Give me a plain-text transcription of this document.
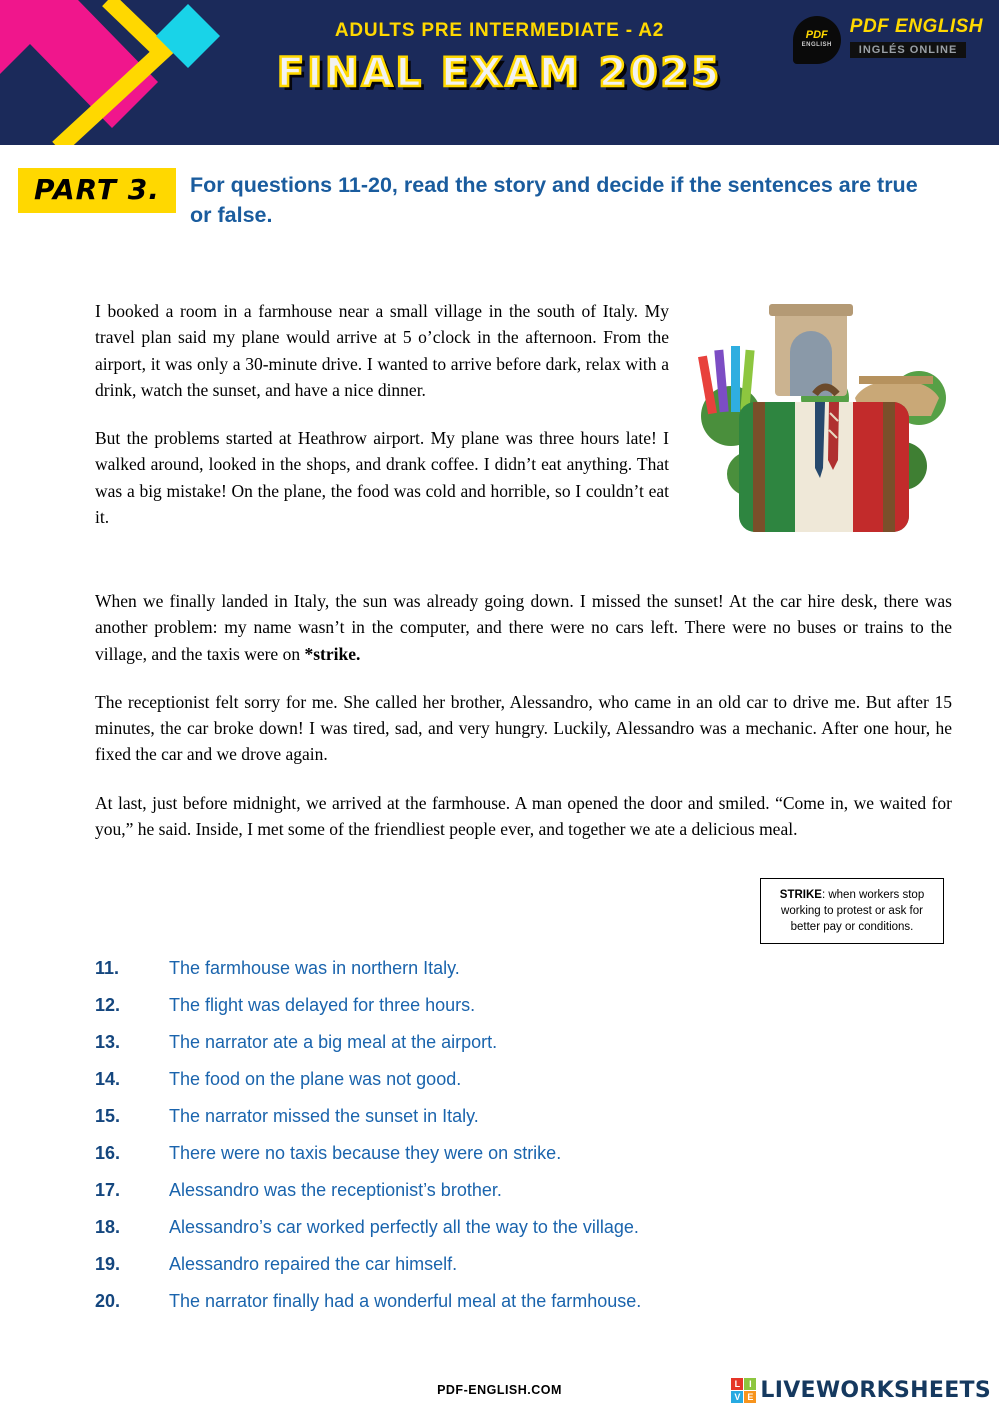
ADULTS PRE INTERMEDIATE - A2
FINAL EXAM 2025
PDF
ENGLISH
PDF ENGLISH
INGLÉS ONLINE
PART 3.	For questions 11-20, read the story and decide if the sentences are true or false.

I booked a room in a farmhouse near a small village in the south of Italy. My travel plan said my plane would arrive at 5 o’clock in the afternoon. From the airport, it was only a 30-minute drive. I wanted to arrive before dark, relax with a drink, watch the sunset, and have a nice dinner.

But the problems started at Heathrow airport. My plane was three hours late! I walked around, looked in the shops, and drank coffee. I didn’t eat anything. That was a big mistake! On the plane, the food was cold and horrible, so I couldn’t eat it.

When we finally landed in Italy, the sun was already going down. I missed the sunset! At the car hire desk, there was another problem: my name wasn’t in the computer, and there were no cars left. There were no buses or trains to the village, and the taxis were on *strike.

The receptionist felt sorry for me. She called her brother, Alessandro, who came in an old car to drive me. But after 15 minutes, the car broke down! I was tired, sad, and very hungry. Luckily, Alessandro was a mechanic. After one hour, he fixed the car and we drove again.

At last, just before midnight, we arrived at the farmhouse. A man opened the door and smiled. “Come in, we waited for you,” he said. Inside, I met some of the friendliest people ever, and together we ate a delicious meal.

STRIKE: when workers stop working to protest or ask for better pay or conditions.
11.	The farmhouse was in northern Italy.
12.	The flight was delayed for three hours.
13.	The narrator ate a big meal at the airport.
14.	The food on the plane was not good.
15.	The narrator missed the sunset in Italy.
16.	There were no taxis because they were on strike.
17.	Alessandro was the receptionist’s brother.
18.	Alessandro’s car worked perfectly all the way to the village.
19.	Alessandro repaired the car himself.
20.	The narrator finally had a wonderful meal at the farmhouse.
PDF-ENGLISH.COM	L I
V E LIVEWORKSHEETS
